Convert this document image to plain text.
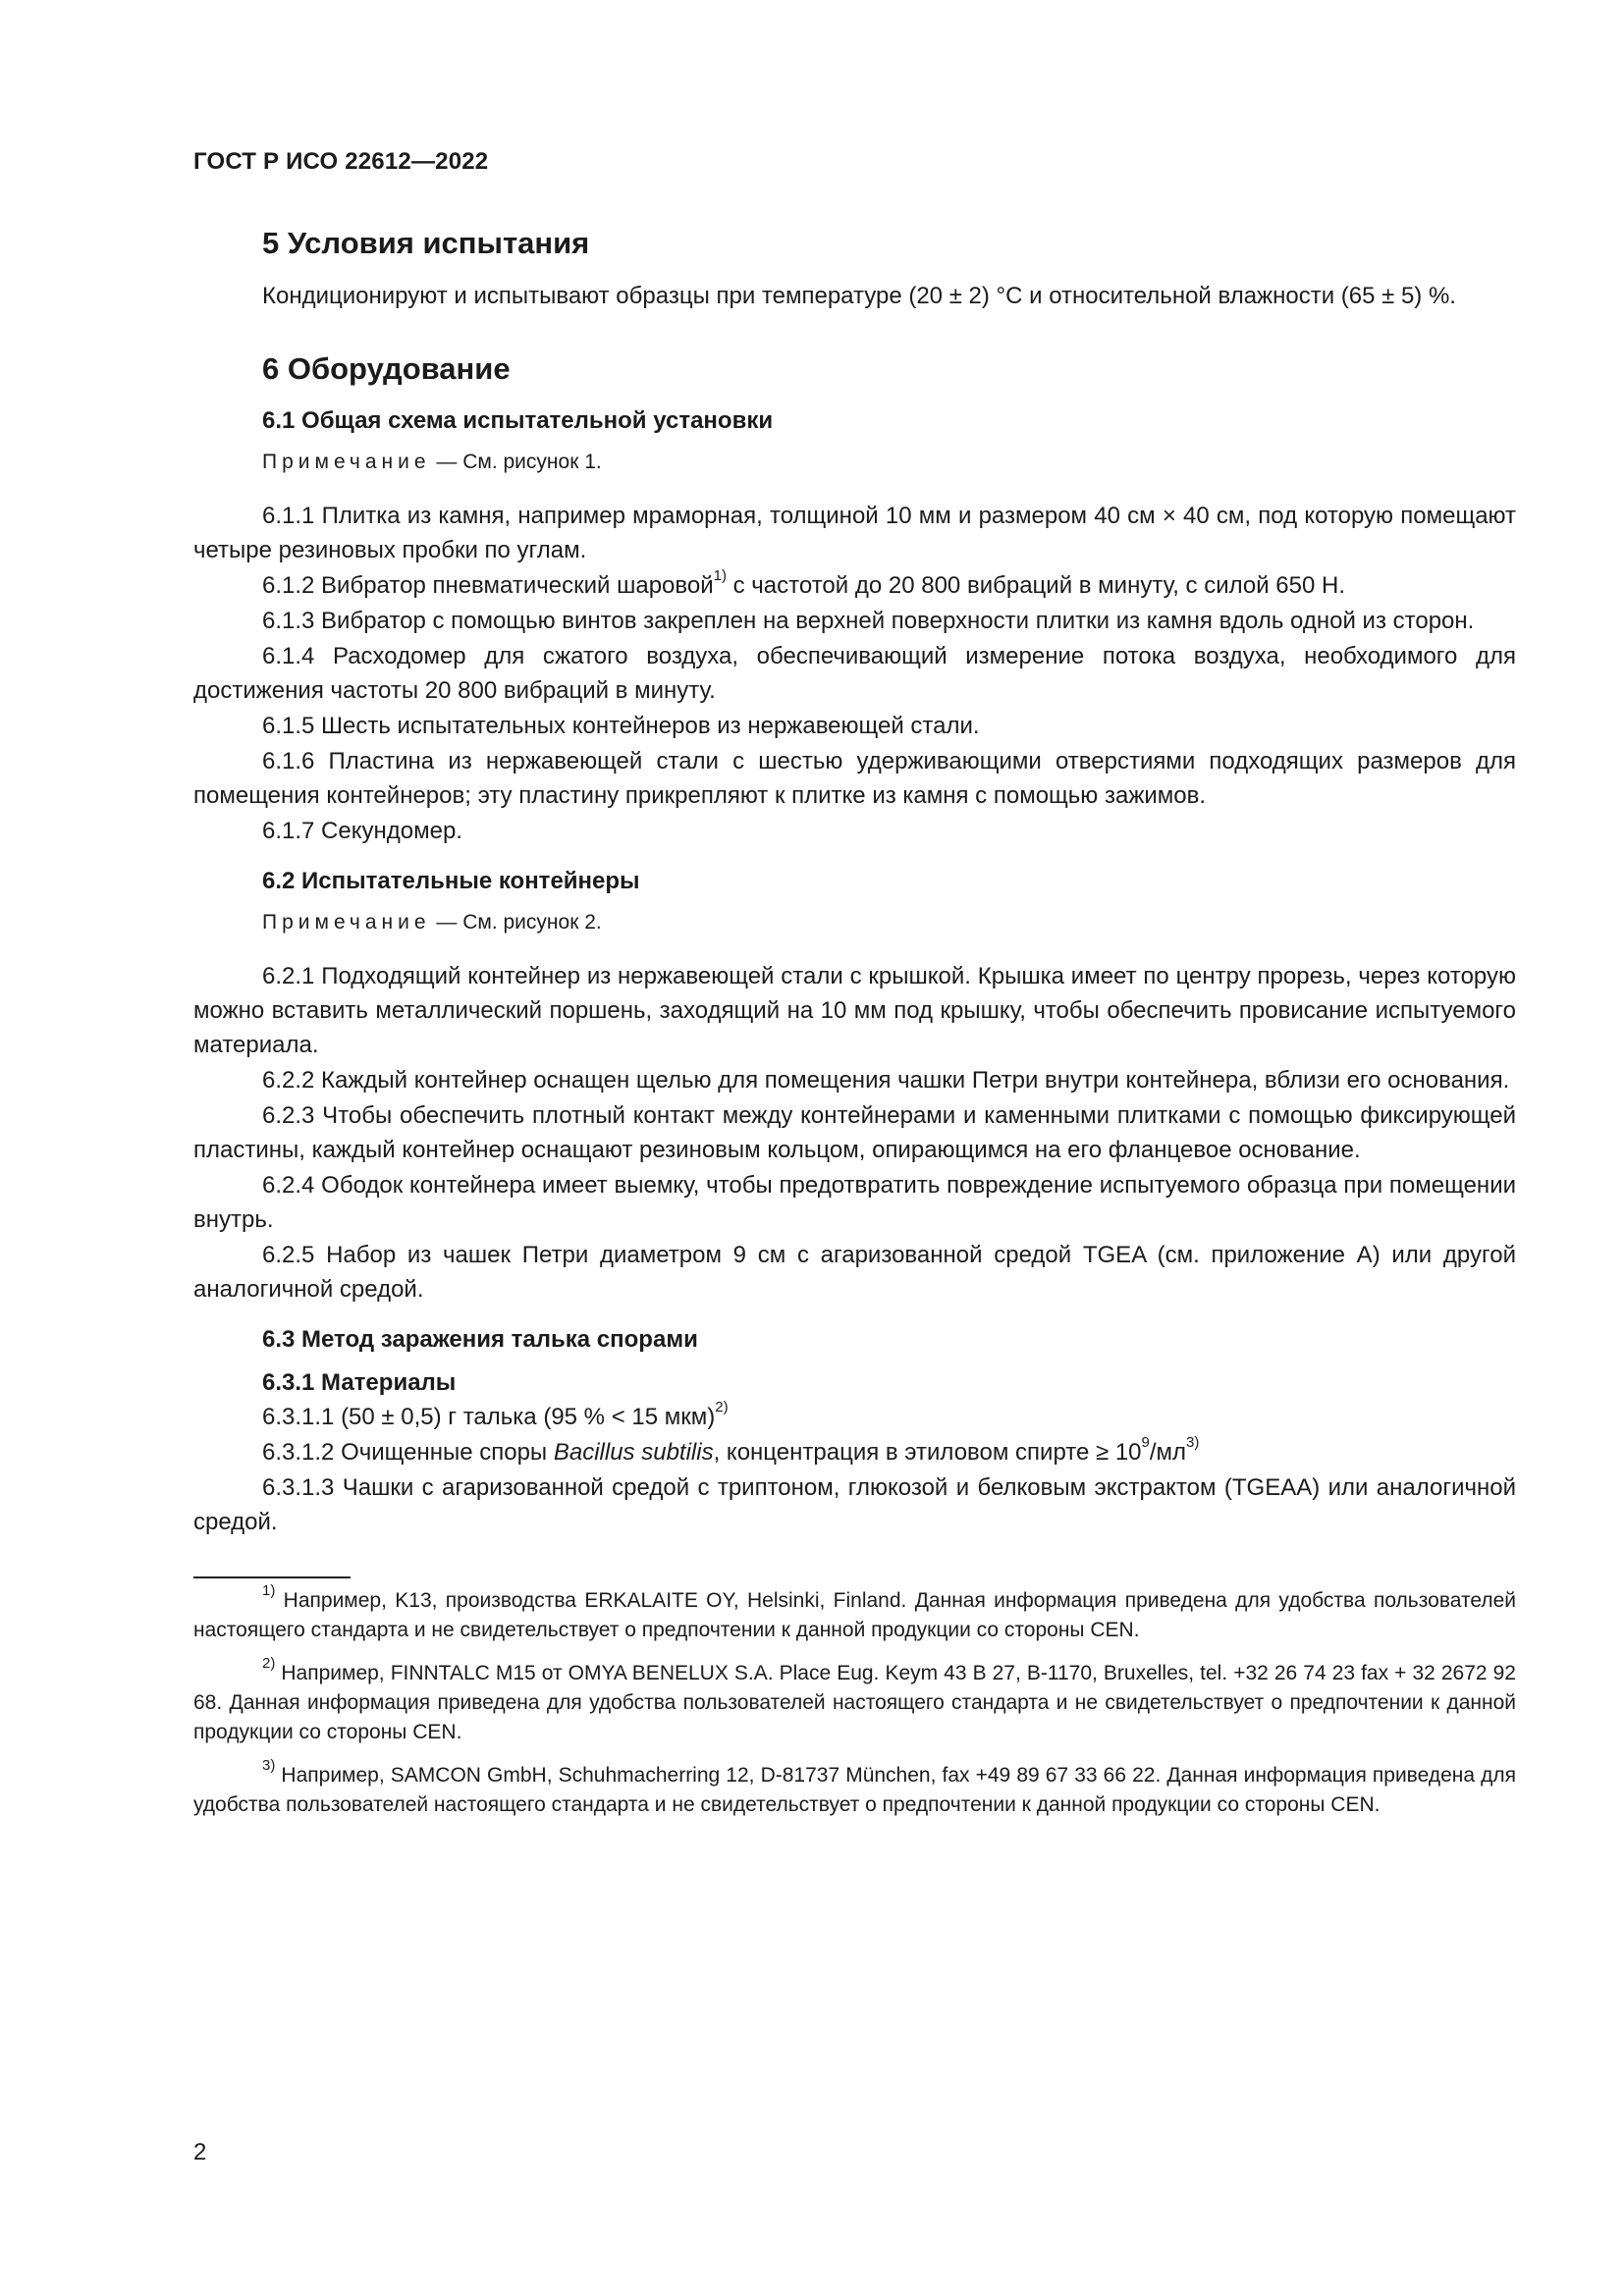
ГОСТ Р ИСО 22612—2022
5 Условия испытания
Кондиционируют и испытывают образцы при температуре (20 ± 2) °С и относительной влажности (65 ± 5) %.
6 Оборудование
6.1 Общая схема испытательной установки
Примечание — См. рисунок 1.
6.1.1 Плитка из камня, например мраморная, толщиной 10 мм и размером 40 см × 40 см, под которую помещают четыре резиновых пробки по углам.
6.1.2 Вибратор пневматический шаровой$^{1)}$ с частотой до 20 800 вибраций в минуту, с силой 650 Н.
6.1.3 Вибратор с помощью винтов закреплен на верхней поверхности плитки из камня вдоль одной из сторон.
6.1.4 Расходомер для сжатого воздуха, обеспечивающий измерение потока воздуха, необходимого для достижения частоты 20 800 вибраций в минуту.
6.1.5 Шесть испытательных контейнеров из нержавеющей стали.
6.1.6 Пластина из нержавеющей стали с шестью удерживающими отверстиями подходящих размеров для помещения контейнеров; эту пластину прикрепляют к плитке из камня с помощью зажимов.
6.1.7 Секундомер.
6.2 Испытательные контейнеры
Примечание — См. рисунок 2.
6.2.1 Подходящий контейнер из нержавеющей стали с крышкой. Крышка имеет по центру прорезь, через которую можно вставить металлический поршень, заходящий на 10 мм под крышку, чтобы обеспечить провисание испытуемого материала.
6.2.2 Каждый контейнер оснащен щелью для помещения чашки Петри внутри контейнера, вблизи его основания.
6.2.3 Чтобы обеспечить плотный контакт между контейнерами и каменными плитками с помощью фиксирующей пластины, каждый контейнер оснащают резиновым кольцом, опирающимся на его фланцевое основание.
6.2.4 Ободок контейнера имеет выемку, чтобы предотвратить повреждение испытуемого образца при помещении внутрь.
6.2.5 Набор из чашек Петри диаметром 9 см с агаризованной средой TGEA (см. приложение А) или другой аналогичной средой.
6.3 Метод заражения талька спорами
6.3.1 Материалы
6.3.1.1 (50 ± 0,5) г талька (95 % < 15 мкм)$^{2)}$
6.3.1.2 Очищенные споры Bacillus subtilis, концентрация в этиловом спирте ≥ $10^9/мл^{3)}$
6.3.1.3 Чашки с агаризованной средой с триптоном, глюкозой и белковым экстрактом (TGEAA) или аналогичной средой.
$^{1)}$ Например, K13, производства ERKALAITE OY, Helsinki, Finland. Данная информация приведена для удобства пользователей настоящего стандарта и не свидетельствует о предпочтении к данной продукции со стороны CEN.
$^{2)}$ Например, FINNTALC M15 от OMYA BENELUX S.A. Place Eug. Keym 43 B 27, B-1170, Bruxelles, tel. +32 26 74 23 fax + 32 2672 92 68. Данная информация приведена для удобства пользователей настоящего стандарта и не свидетельствует о предпочтении к данной продукции со стороны CEN.
$^{3)}$ Например, SAMCON GmbH, Schuhmacherring 12, D-81737 München, fax +49 89 67 33 66 22. Данная информация приведена для удобства пользователей настоящего стандарта и не свидетельствует о предпочтении к данной продукции со стороны CEN.
2
